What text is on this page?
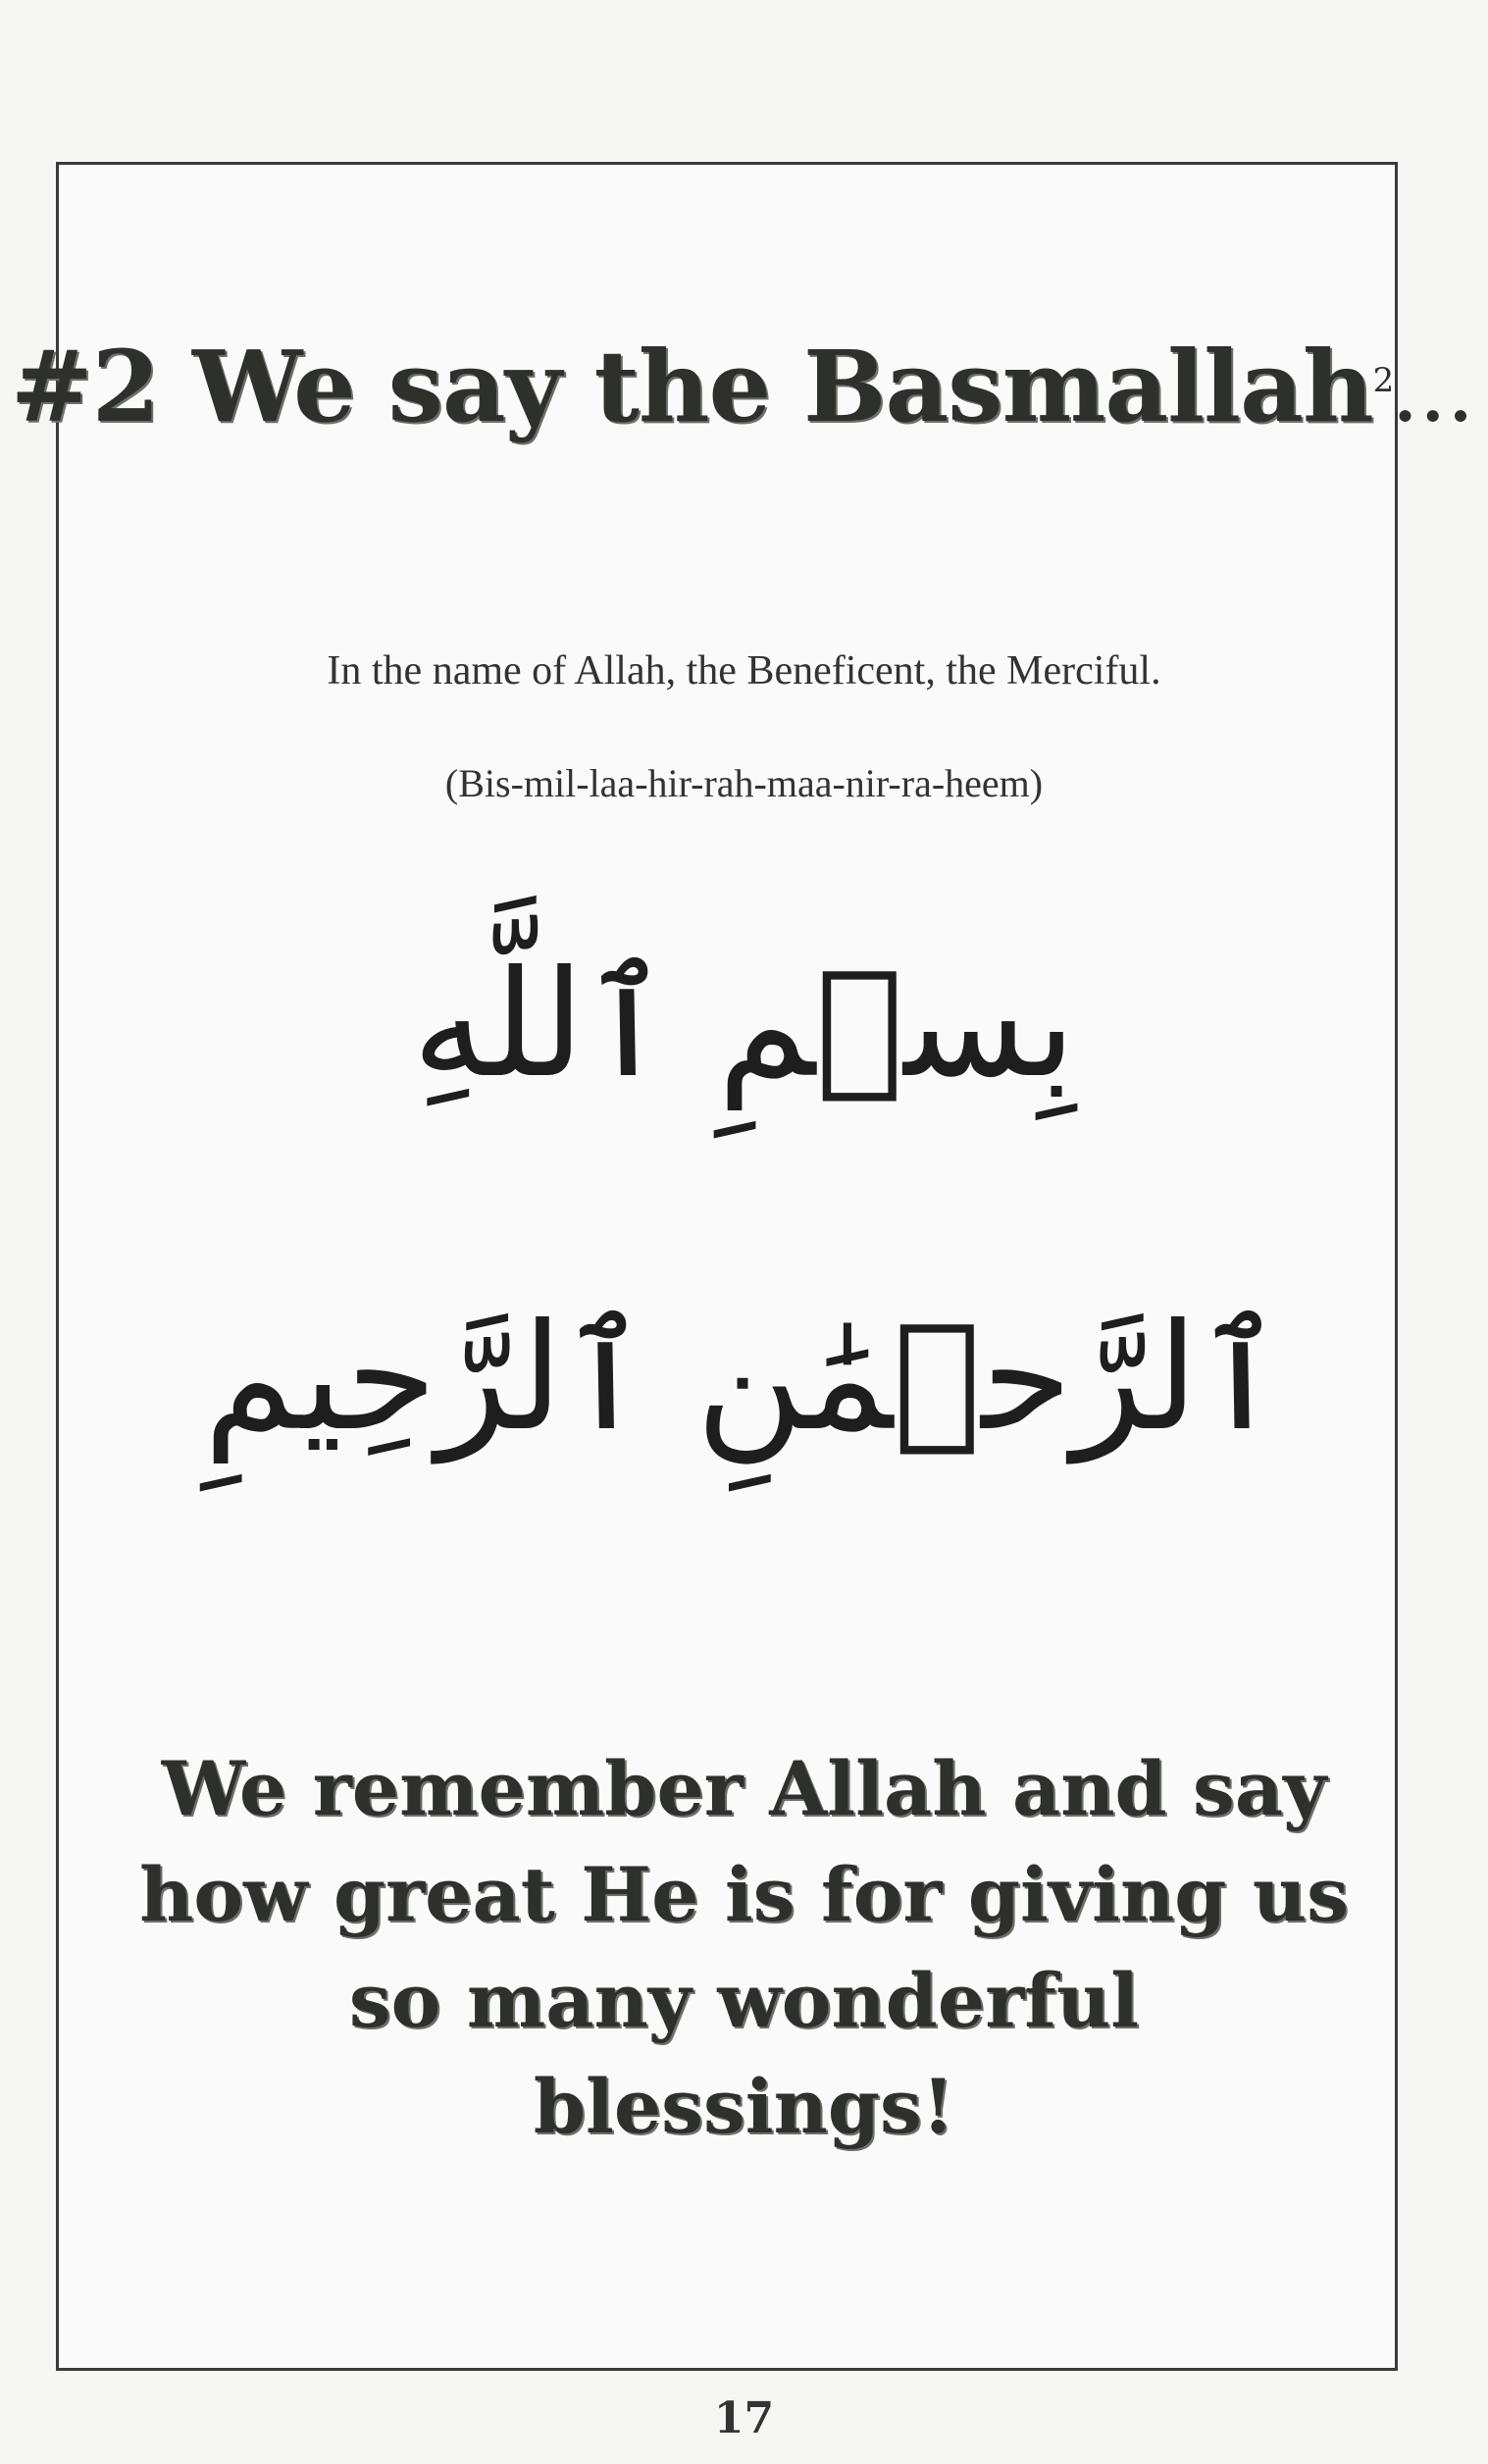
#2 We say the Basmallah$^2$...
In the name of Allah, the Beneficent, the Merciful.
(Bis-mil-laa-hir-rah-maa-nir-ra-heem)
بِسۡمِ ٱللَّهِ
ٱلرَّحۡمَٰنِ ٱلرَّحِيمِ
We remember Allah and say how great He is for giving us so many wonderful blessings!
17
